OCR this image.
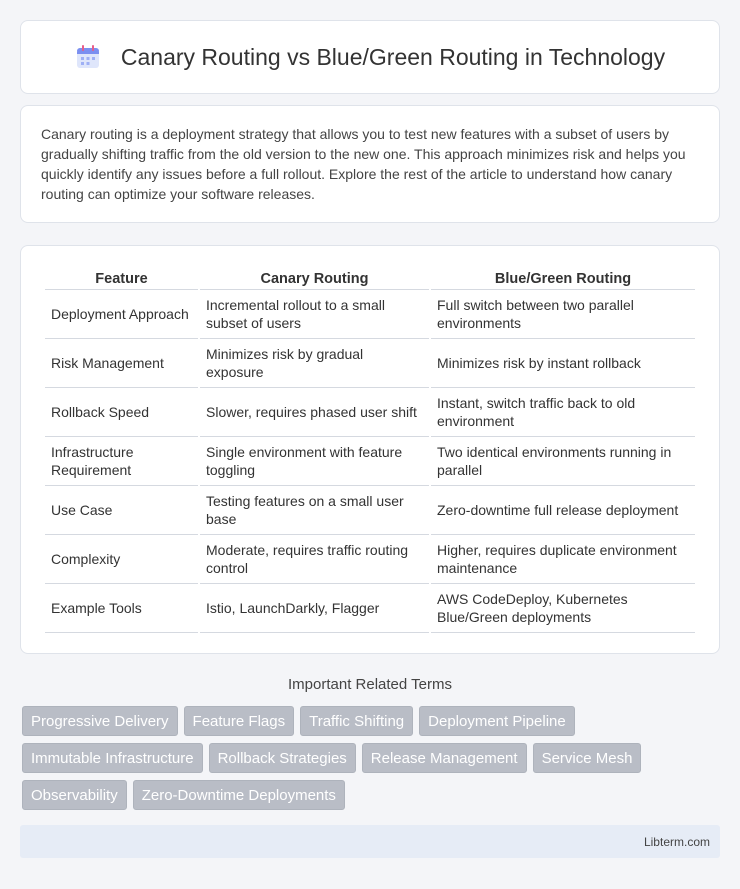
Canary Routing vs Blue/Green Routing in Technology

Canary routing is a deployment strategy that allows you to test new features with a subset of users by gradually shifting traffic from the old version to the new one. This approach minimizes risk and helps you quickly identify any issues before a full rollout. Explore the rest of the article to understand how canary routing can optimize your software releases.

Feature	Canary Routing	Blue/Green Routing
Deployment Approach	Incremental rollout to a small subset of users	Full switch between two parallel environments
Risk Management	Minimizes risk by gradual exposure	Minimizes risk by instant rollback
Rollback Speed	Slower, requires phased user shift	Instant, switch traffic back to old environment
Infrastructure Requirement	Single environment with feature toggling	Two identical environments running in parallel
Use Case	Testing features on a small user base	Zero-downtime full release deployment
Complexity	Moderate, requires traffic routing control	Higher, requires duplicate environment maintenance
Example Tools	Istio, LaunchDarkly, Flagger	AWS CodeDeploy, Kubernetes Blue/Green deployments
Important Related Terms
Progressive Delivery	Feature Flags	Traffic Shifting	Deployment Pipeline
Immutable Infrastructure	Rollback Strategies	Release Management	Service Mesh
Observability	Zero-Downtime Deployments
Libterm.com
